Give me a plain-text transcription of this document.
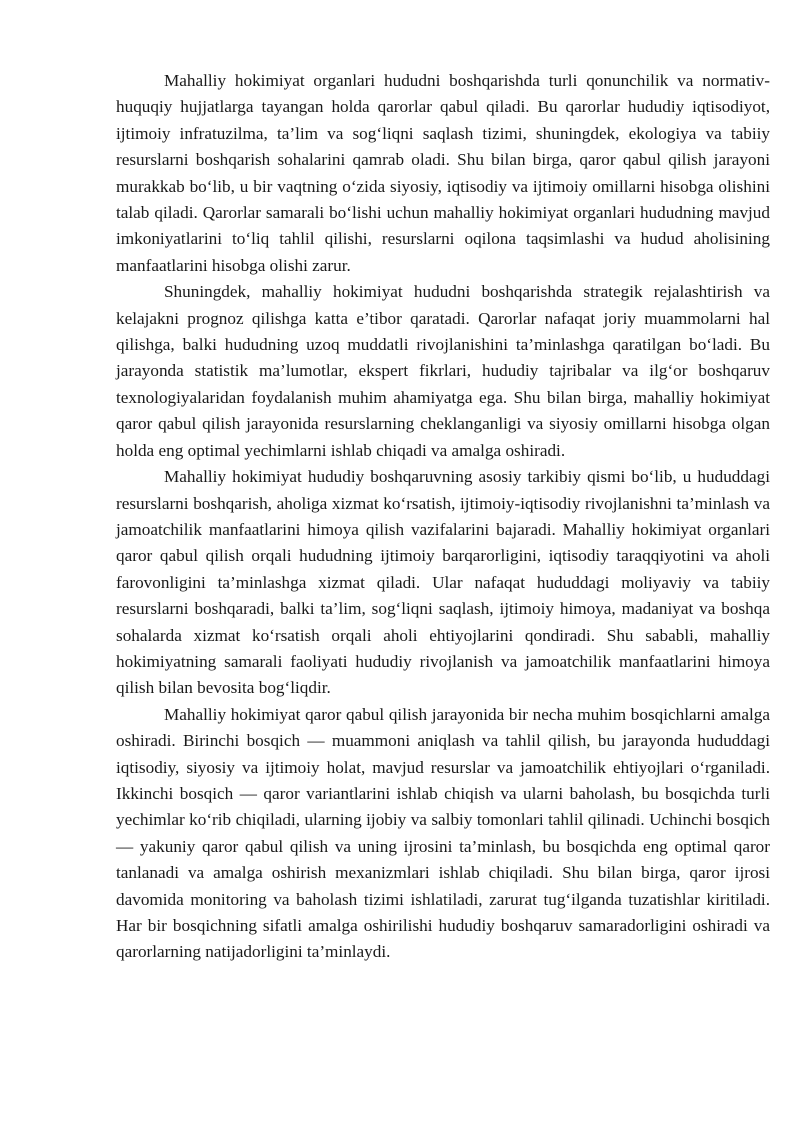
Mahalliy hokimiyat organlari hududni boshqarishda turli qonunchilik va normativ-huquqiy hujjatlarga tayangan holda qarorlar qabul qiladi. Bu qarorlar hududiy iqtisodiyot, ijtimoiy infratuzilma, ta’lim va sog‘liqni saqlash tizimi, shuningdek, ekologiya va tabiiy resurslarni boshqarish sohalarini qamrab oladi. Shu bilan birga, qaror qabul qilish jarayoni murakkab bo‘lib, u bir vaqtning o‘zida siyosiy, iqtisodiy va ijtimoiy omillarni hisobga olishini talab qiladi. Qarorlar samarali bo‘lishi uchun mahalliy hokimiyat organlari hududning mavjud imkoniyatlarini to‘liq tahlil qilishi, resurslarni oqilona taqsimlashi va hudud aholisining manfaatlarini hisobga olishi zarur.

Shuningdek, mahalliy hokimiyat hududni boshqarishda strategik rejalashtirish va kelajakni prognoz qilishga katta e’tibor qaratadi. Qarorlar nafaqat joriy muammolarni hal qilishga, balki hududning uzoq muddatli rivojlanishini ta’minlashga qaratilgan bo‘ladi. Bu jarayonda statistik ma’lumotlar, ekspert fikrlari, hududiy tajribalar va ilg‘or boshqaruv texnologiyalaridan foydalanish muhim ahamiyatga ega. Shu bilan birga, mahalliy hokimiyat qaror qabul qilish jarayonida resurslarning cheklanganligi va siyosiy omillarni hisobga olgan holda eng optimal yechimlarni ishlab chiqadi va amalga oshiradi.

Mahalliy hokimiyat hududiy boshqaruvning asosiy tarkibiy qismi bo‘lib, u hududdagi resurslarni boshqarish, aholiga xizmat ko‘rsatish, ijtimoiy-iqtisodiy rivojlanishni ta’minlash va jamoatchilik manfaatlarini himoya qilish vazifalarini bajaradi. Mahalliy hokimiyat organlari qaror qabul qilish orqali hududning ijtimoiy barqarorligini, iqtisodiy taraqqiyotini va aholi farovonligini ta’minlashga xizmat qiladi. Ular nafaqat hududdagi moliyaviy va tabiiy resurslarni boshqaradi, balki ta’lim, sog‘liqni saqlash, ijtimoiy himoya, madaniyat va boshqa sohalarda xizmat ko‘rsatish orqali aholi ehtiyojlarini qondiradi. Shu sababli, mahalliy hokimiyatning samarali faoliyati hududiy rivojlanish va jamoatchilik manfaatlarini himoya qilish bilan bevosita bog‘liqdir.

Mahalliy hokimiyat qaror qabul qilish jarayonida bir necha muhim bosqichlarni amalga oshiradi. Birinchi bosqich — muammoni aniqlash va tahlil qilish, bu jarayonda hududdagi iqtisodiy, siyosiy va ijtimoiy holat, mavjud resurslar va jamoatchilik ehtiyojlari o‘rganiladi. Ikkinchi bosqich — qaror variantlarini ishlab chiqish va ularni baholash, bu bosqichda turli yechimlar ko‘rib chiqiladi, ularning ijobiy va salbiy tomonlari tahlil qilinadi. Uchinchi bosqich — yakuniy qaror qabul qilish va uning ijrosini ta’minlash, bu bosqichda eng optimal qaror tanlanadi va amalga oshirish mexanizmlari ishlab chiqiladi. Shu bilan birga, qaror ijrosi davomida monitoring va baholash tizimi ishlatiladi, zarurat tug‘ilganda tuzatishlar kiritiladi. Har bir bosqichning sifatli amalga oshirilishi hududiy boshqaruv samaradorligini oshiradi va qarorlarning natijadorligini ta’minlaydi.
